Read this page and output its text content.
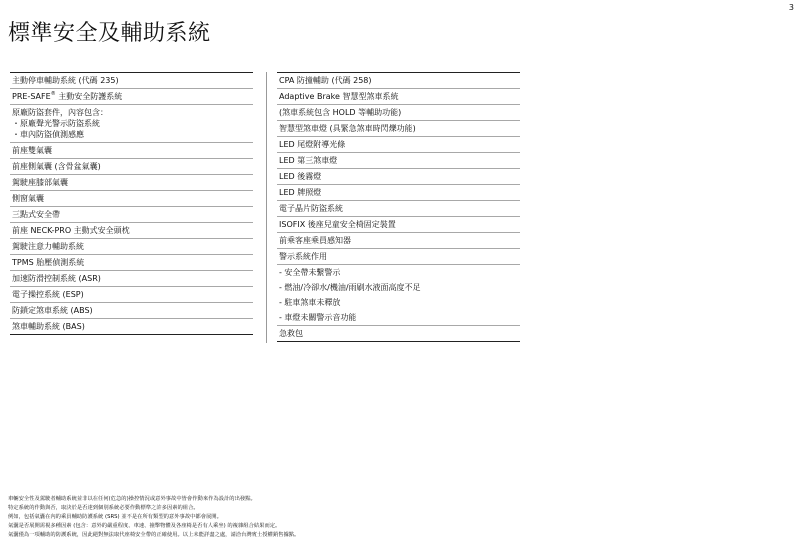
3
標準安全及輔助系統
主動停車輔助系統 (代碼 235)
PRE-SAFE® 主動安全防護系統
原廠防盜套件，內容包含：
・原廠聲光警示防盜系統
・車內防盜偵測感應
前座雙氣囊
前座側氣囊 (含骨盆氣囊)
駕駛座膝部氣囊
側窗氣囊
三點式安全帶
前座 NECK-PRO 主動式安全頭枕
駕駛注意力輔助系統
TPMS 胎壓偵測系統
加速防滑控制系統 (ASR)
電子操控系統 (ESP)
防鎖定煞車系統 (ABS)
煞車輔助系統 (BAS)
CPA 防撞輔助 (代碼 258)
Adaptive Brake 智慧型煞車系統
(煞車系統包含 HOLD 等輔助功能)
智慧型煞車燈 (具緊急煞車時閃爍功能)
LED 尾燈附導光條
LED 第三煞車燈
LED 後霧燈
LED 牌照燈
電子晶片防盜系統
ISOFIX 後座兒童安全椅固定裝置
前乘客座乘員感知器
警示系統作用
- 安全帶未繫警示
- 燃油/冷卻水/機油/雨刷水液面高度不足
- 駐車煞車未釋放
- 車燈未關警示音功能
急救包
車輛安全性及駕駛者輔助系統並非以在任何(危急的)操控情況或意外事故中皆會作動來作為設計的出發點。
特定系統的作動與否，取決於是否達到個別系統必要作動標準之許多因素的組合。
例如，包括氣囊在內的乘員輔助防護系統 (SRS) 並不是在所有類型的意外事故中都會展開。
氣囊是否展開需視多種因素 (包含：意外的嚴重程度、車速、撞擊物體及各座椅是否有人乘坐) 的複雜組合結果而定。
氣囊僅為一項輔助的防護系統，因此絕對無法取代座椅安全帶的正確使用。以上未能詳盡之處，請洽台灣賓士授權銷售據點。
